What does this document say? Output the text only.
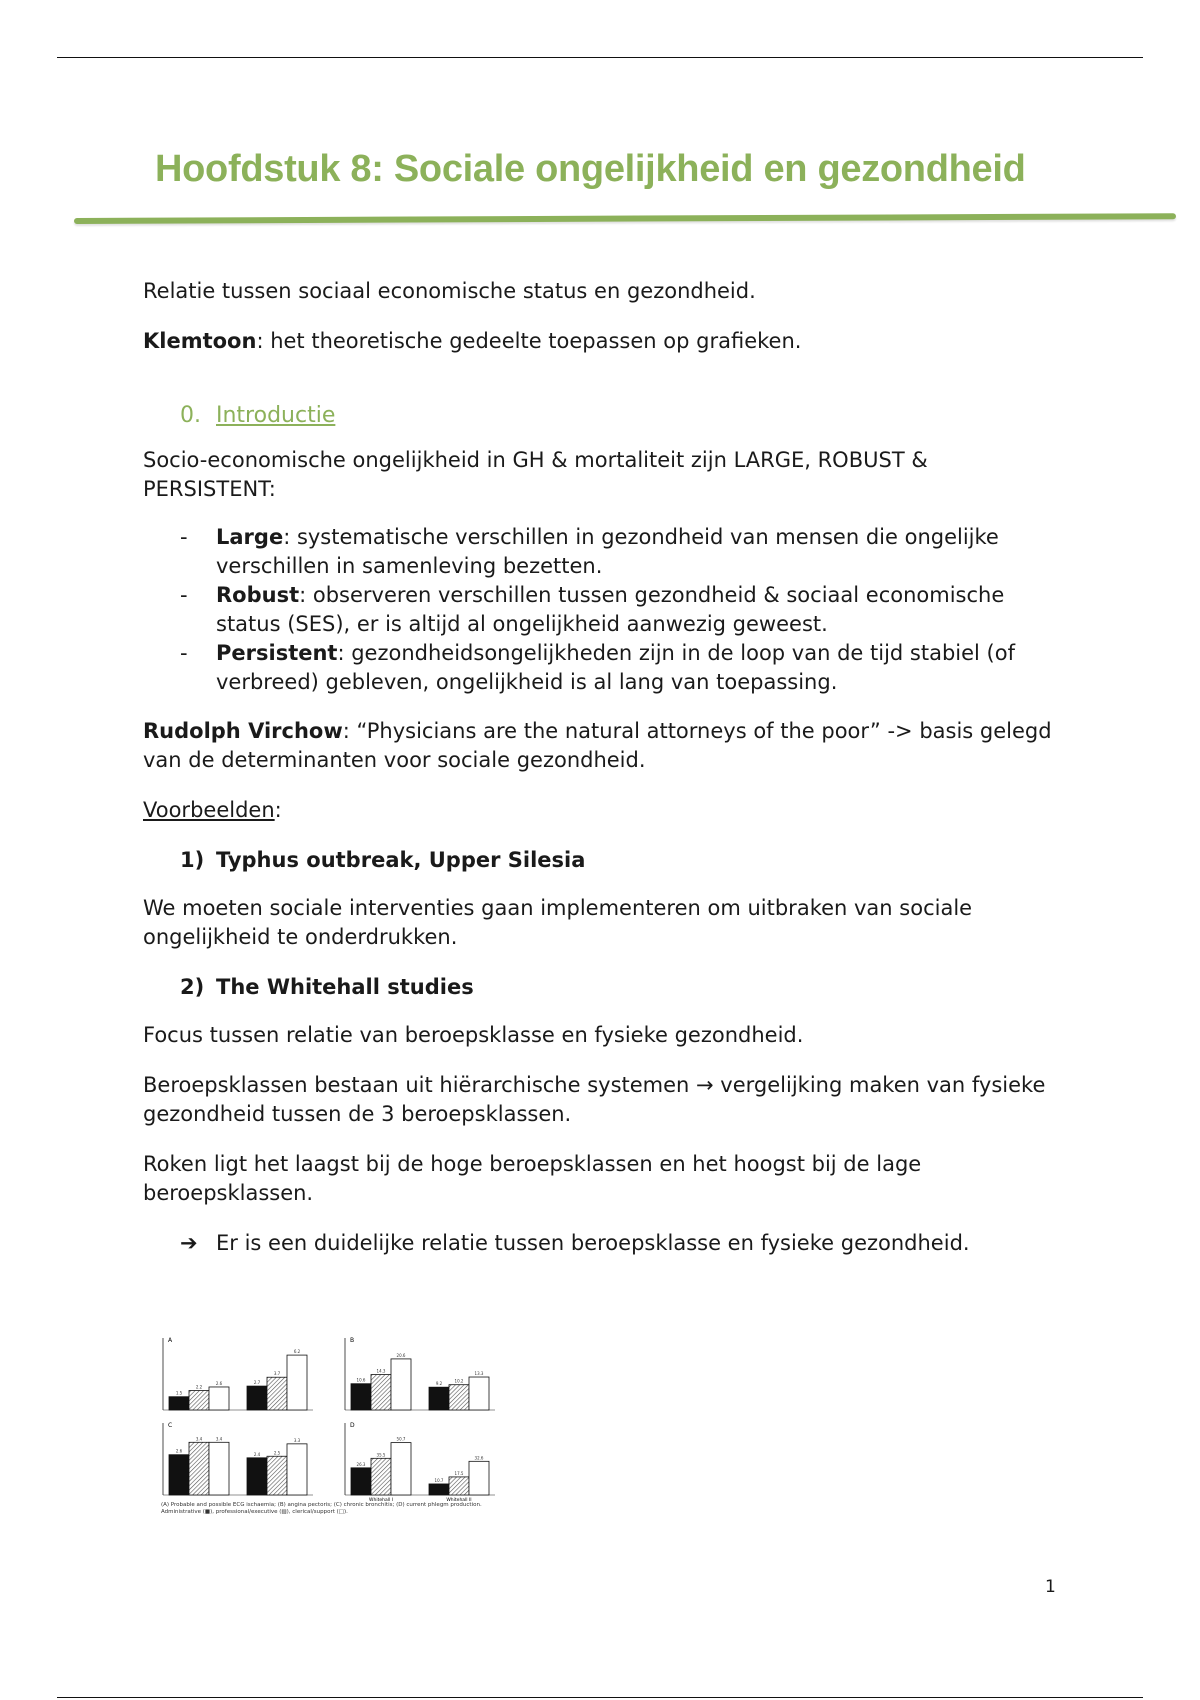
Hoofdstuk 8: Sociale ongelijkheid en gezondheid

Relatie tussen sociaal economische status en gezondheid.

Klemtoon: het theoretische gedeelte toepassen op grafieken.

0. Introductie

Socio-economische ongelijkheid in GH & mortaliteit zijn LARGE, ROBUST & PERSISTENT:

- Large: systematische verschillen in gezondheid van mensen die ongelijke verschillen in samenleving bezetten.
- Robust: observeren verschillen tussen gezondheid & sociaal economische status (SES), er is altijd al ongelijkheid aanwezig geweest.
- Persistent: gezondheidsongelijkheden zijn in de loop van de tijd stabiel (of verbreed) gebleven, ongelijkheid is al lang van toepassing.

Rudolph Virchow: “Physicians are the natural attorneys of the poor” -> basis gelegd van de determinanten voor sociale gezondheid.

Voorbeelden:

1) Typhus outbreak, Upper Silesia

We moeten sociale interventies gaan implementeren om uitbraken van sociale ongelijkheid te onderdrukken.

2) The Whitehall studies

Focus tussen relatie van beroepsklasse en fysieke gezondheid.

Beroepsklassen bestaan uit hiërarchische systemen → vergelijking maken van fysieke gezondheid tussen de 3 beroepsklassen.

Roken ligt het laagst bij de hoge beroepsklassen en het hoogst bij de lage beroepsklassen.

➔ Er is een duidelijke relatie tussen beroepsklasse en fysieke gezondheid.

A
1.5
2.2
2.6	2.7
3.7
6.2
B
10.6
14.3
20.6
9.2	10.2
13.3
C
2.6
3.4	3.4
2.4	2.5
3.3
D
26.3
35.5
50.7
Whitehall I
10.7
17.5
32.6
Whitehall II
(A) Probable and possible ECG ischaemia; (B) angina pectoris; (C) chronic bronchitis; (D) current phlegm production. Administrative (■), professional/executive (▨), clerical/support (□).
1
